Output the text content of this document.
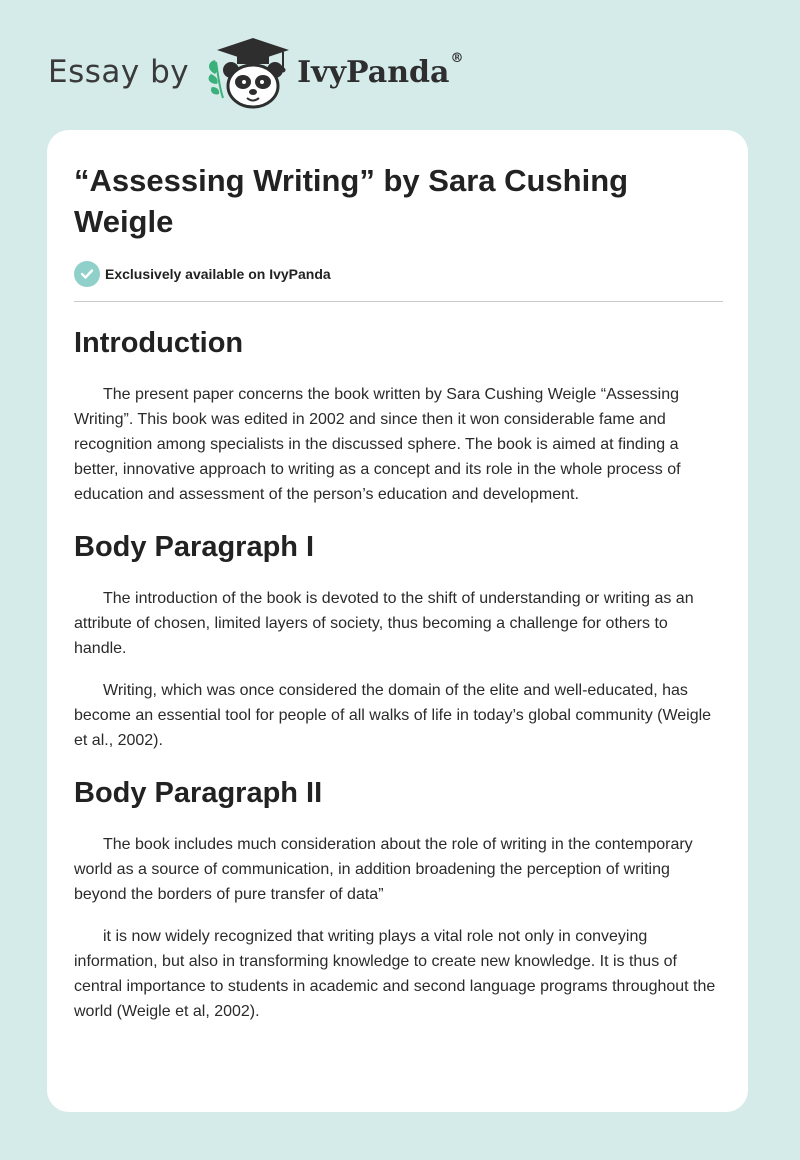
Essay by	IvyPanda®
“Assessing Writing” by Sara Cushing Weigle
Exclusively available on IvyPanda
Introduction

The present paper concerns the book written by Sara Cushing Weigle “Assessing Writing”. This book was edited in 2002 and since then it won considerable fame and recognition among specialists in the discussed sphere. The book is aimed at finding a better, innovative approach to writing as a concept and its role in the whole process of education and assessment of the person’s education and development.

Body Paragraph I

The introduction of the book is devoted to the shift of understanding or writing as an attribute of chosen, limited layers of society, thus becoming a challenge for others to handle.

Writing, which was once considered the domain of the elite and well-educated, has become an essential tool for people of all walks of life in today’s global community (Weigle et al., 2002).

Body Paragraph II

The book includes much consideration about the role of writing in the contemporary world as a source of communication, in addition broadening the perception of writing beyond the borders of pure transfer of data”

it is now widely recognized that writing plays a vital role not only in conveying information, but also in transforming knowledge to create new knowledge. It is thus of central importance to students in academic and second language programs throughout the world (Weigle et al, 2002).
